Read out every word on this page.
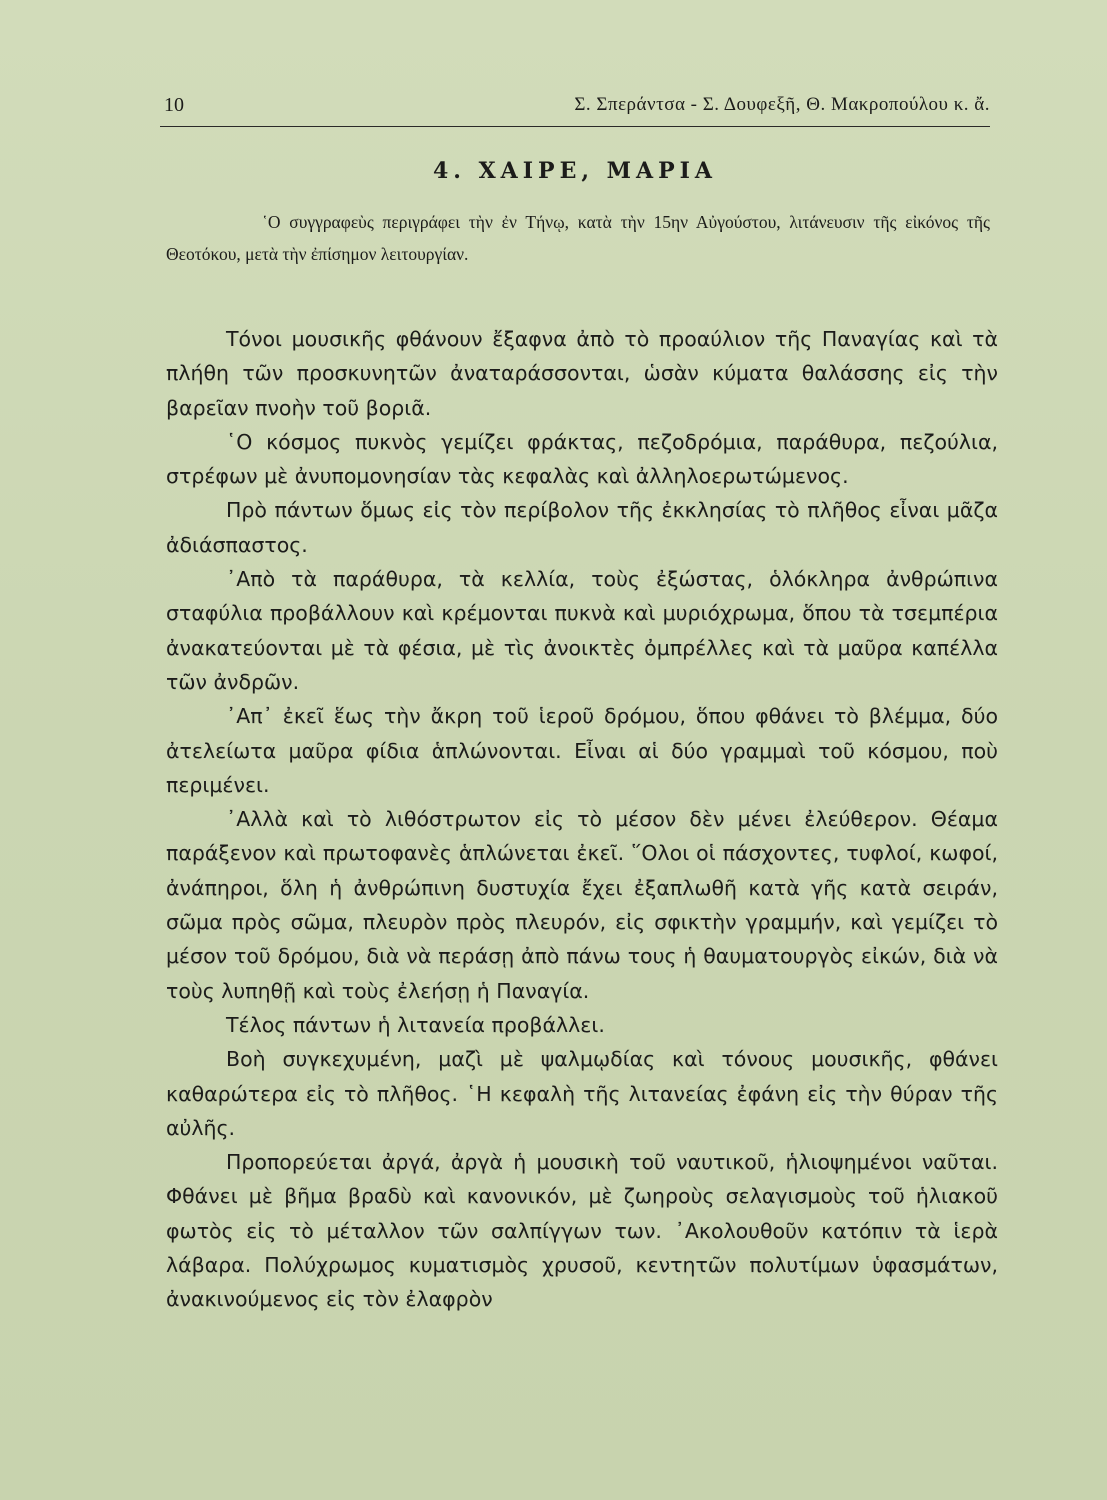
10	Σ. Σπεράντσα - Σ. Δουφεξῆ, Θ. Μακροπούλου κ. ἄ.
4. ΧΑΙΡΕ, ΜΑΡΙΑ
῾Ο συγγραφεὺς περιγράφει τὴν ἐν Τήνῳ, κατὰ τὴν 15ην Αὐγούστου, λιτάνευσιν τῆς εἰκόνος τῆς Θεοτόκου, μετὰ τὴν ἐπίσημον λειτουργίαν.

Τόνοι μουσικῆς φθάνουν ἔξαφνα ἀπὸ τὸ προαύλιον τῆς Παναγίας καὶ τὰ πλήθη τῶν προσκυνητῶν ἀναταράσσονται, ὡσὰν κύματα θαλάσσης εἰς τὴν βαρεῖαν πνοὴν τοῦ βοριᾶ.

῾Ο κόσμος πυκνὸς γεμίζει φράκτας, πεζοδρόμια, παράθυρα, πεζούλια, στρέφων μὲ ἀνυπομονησίαν τὰς κεφαλὰς καὶ ἀλληλοερωτώμενος.

Πρὸ πάντων ὅμως εἰς τὸν περίβολον τῆς ἐκκλησίας τὸ πλῆθος εἶναι μᾶζα ἀδιάσπαστος.

᾿Απὸ τὰ παράθυρα, τὰ κελλία, τοὺς ἐξώστας, ὁλόκληρα ἀνθρώπινα σταφύλια προβάλλουν καὶ κρέμονται πυκνὰ καὶ μυριόχρωμα, ὅπου τὰ τσεμπέρια ἀνακατεύονται μὲ τὰ φέσια, μὲ τὶς ἀνοικτὲς ὀμπρέλλες καὶ τὰ μαῦρα καπέλλα τῶν ἀνδρῶν.

᾿Απ᾿ ἐκεῖ ἕως τὴν ἄκρη τοῦ ἱεροῦ δρόμου, ὅπου φθάνει τὸ βλέμμα, δύο ἀτελείωτα μαῦρα φίδια ἁπλώνονται. Εἶναι αἱ δύο γραμμαὶ τοῦ κόσμου, ποὺ περιμένει.

᾿Αλλὰ καὶ τὸ λιθόστρωτον εἰς τὸ μέσον δὲν μένει ἐλεύθερον. Θέαμα παράξενον καὶ πρωτοφανὲς ἁπλώνεται ἐκεῖ. ῞Ολοι οἱ πάσχοντες, τυφλοί, κωφοί, ἀνάπηροι, ὅλη ἡ ἀνθρώπινη δυστυχία ἔχει ἐξαπλωθῆ κατὰ γῆς κατὰ σειράν, σῶμα πρὸς σῶμα, πλευρὸν πρὸς πλευρόν, εἰς σφικτὴν γραμμήν, καὶ γεμίζει τὸ μέσον τοῦ δρόμου, διὰ νὰ περάσῃ ἀπὸ πάνω τους ἡ θαυματουργὸς εἰκών, διὰ νὰ τοὺς λυπηθῇ καὶ τοὺς ἐλεήσῃ ἡ Παναγία.

Τέλος πάντων ἡ λιτανεία προβάλλει.

Βοὴ συγκεχυμένη, μαζὶ μὲ ψαλμῳδίας καὶ τόνους μουσικῆς, φθάνει καθαρώτερα εἰς τὸ πλῆθος. ῾Η κεφαλὴ τῆς λιτανείας ἐφάνη εἰς τὴν θύραν τῆς αὐλῆς.

Προπορεύεται ἀργά, ἀργὰ ἡ μουσικὴ τοῦ ναυτικοῦ, ἡλιοψημένοι ναῦται. Φθάνει μὲ βῆμα βραδὺ καὶ κανονικόν, μὲ ζωηροὺς σελαγισμοὺς τοῦ ἡλιακοῦ φωτὸς εἰς τὸ μέταλλον τῶν σαλπίγγων των. ᾿Ακολουθοῦν κατόπιν τὰ ἱερὰ λάβαρα. Πολύχρωμος κυματισμὸς χρυσοῦ, κεντητῶν πολυτίμων ὑφασμάτων, ἀνακινούμενος εἰς τὸν ἐλαφρὸν
